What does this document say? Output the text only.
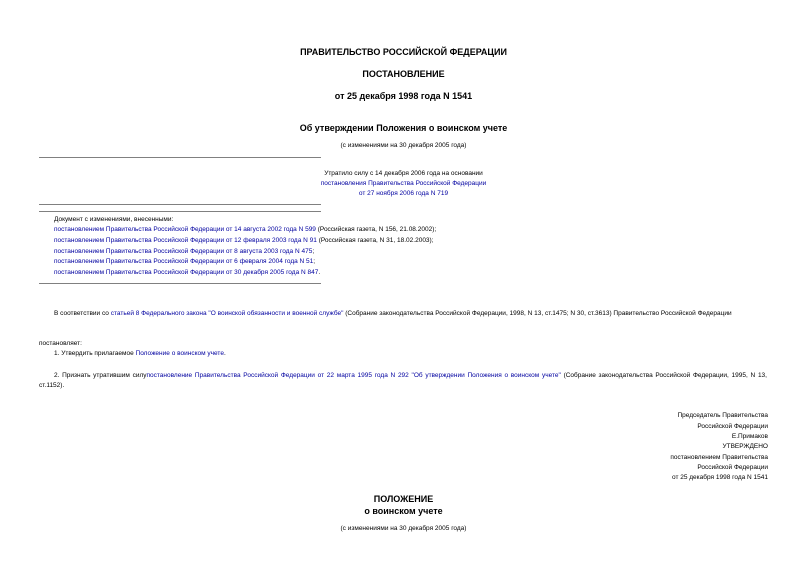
ПРАВИТЕЛЬСТВО РОССИЙСКОЙ ФЕДЕРАЦИИ
ПОСТАНОВЛЕНИЕ
от 25 декабря 1998 года N 1541
Об утверждении Положения о воинском учете
(с изменениями на 30 декабря 2005 года)
Утратило силу с 14 декабря 2006 года на основании
постановления Правительства Российской Федерации
от 27 ноября 2006 года N 719
Документ с изменениями, внесенными:
постановлением Правительства Российской Федерации от 14 августа 2002 года N 599 (Российская газета, N 156, 21.08.2002);
постановлением Правительства Российской Федерации от 12 февраля 2003 года N 91 (Российская газета, N 31, 18.02.2003);
постановлением Правительства Российской Федерации от 8 августа 2003 года N 475;
постановлением Правительства Российской Федерации от 6 февраля 2004 года N 51;
постановлением Правительства Российской Федерации от 30 декабря 2005 года N 847.
В соответствии со статьей 8 Федерального закона "О воинской обязанности и военной службе" (Собрание законодательства Российской Федерации, 1998, N 13, ст.1475; N 30, ст.3613) Правительство Российской Федерации
постановляет:
1. Утвердить прилагаемое Положение о воинском учете.
2. Признать утратившим силупостановление Правительства Российской Федерации от 22 марта 1995 года N 292 "Об утверждении Положения о воинском учете" (Собрание законодательства Российской Федерации, 1995, N 13, ст.1152).
Председатель Правительства
Российской Федерации
Е.Примаков
УТВЕРЖДЕНО
постановлением Правительства
Российской Федерации
от 25 декабря 1998 года N 1541
ПОЛОЖЕНИЕ
о воинском учете
(с изменениями на 30 декабря 2005 года)
